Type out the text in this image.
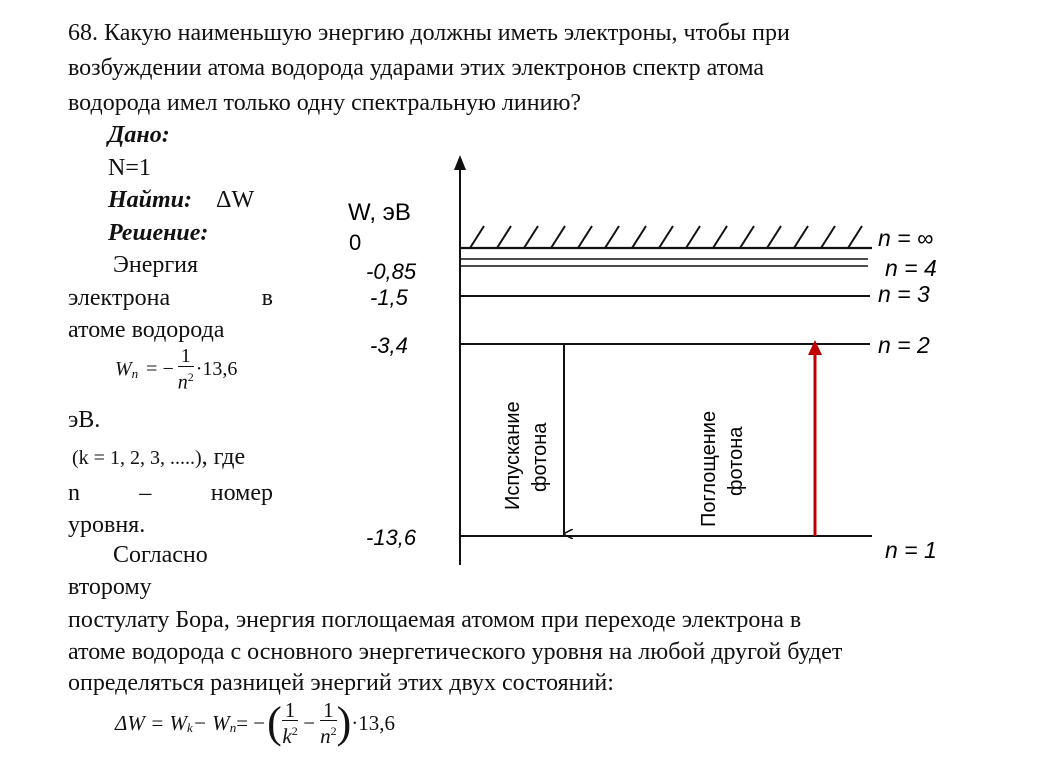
68. Какую наименьшую энергию должны иметь электроны, чтобы при
возбуждении атома водорода ударами этих электронов спектр атома
водорода имел только одну спектральную линию?
Дано:
N=1
Найти: ΔW
Решение:
Энергия
электрона	в
атоме водорода
$W_n$ = − $\frac{1}{n^2} \cdot 13,6$
эВ.
(k = 1, 2, 3, .....), где
n – номер
уровня.
Согласно
второму
постулату Бора, энергия поглощаемая атомом при переходе электрона в
атоме водорода с основного энергетического уровня на любой другой будет
определяться разницей энергий этих двух состояний:
$\Delta W = W_k - W_n$ = − ( $\frac{1}{k^2} - \frac{1}{n^2}$ ) ·13,6
W, эВ
0	n = ∞
-0,85	n = 4
-1,5	n = 3
-3,4	n = 2
-13,6	n = 1
Испускание фотона	Поглощение фотона
